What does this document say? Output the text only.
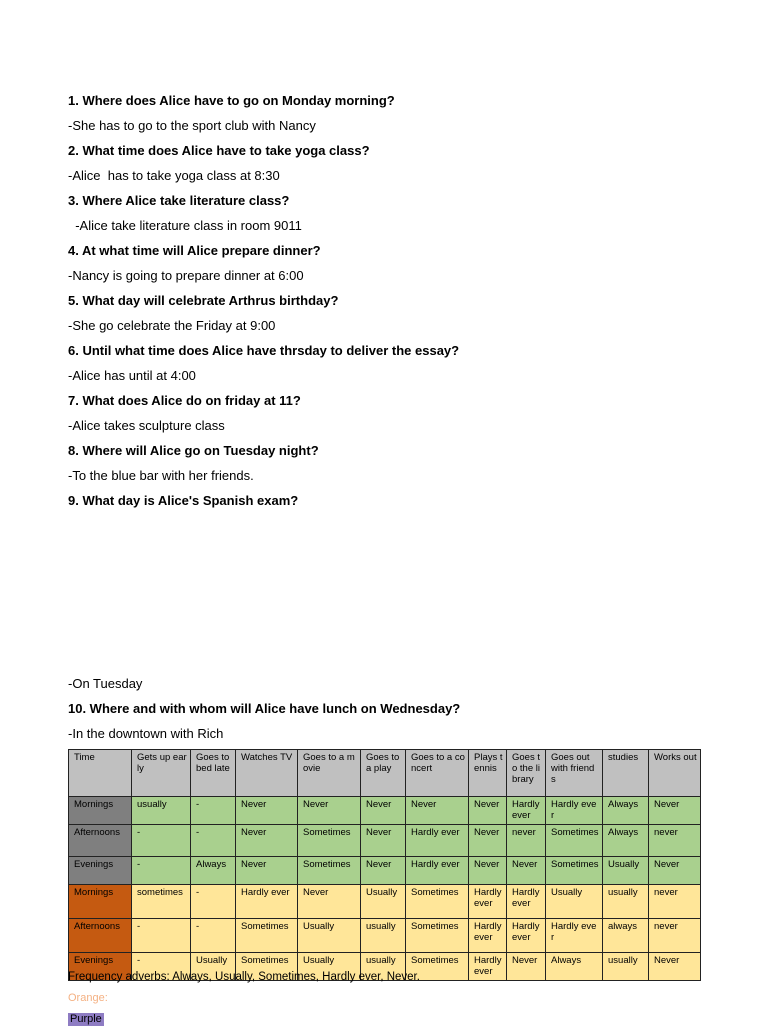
1. Where does Alice have to go on Monday morning?
-She has to go to the sport club with Nancy
2. What time does Alice have to take yoga class?
-Alice  has to take yoga class at 8:30
3. Where Alice take literature class?
-Alice take literature class in room 9011
4. At what time will Alice prepare dinner?
-Nancy is going to prepare dinner at 6:00
5. What day will celebrate Arthrus birthday?
-She go celebrate the Friday at 9:00
6. Until what time does Alice have thrsday to deliver the essay?
-Alice has until at 4:00
7. What does Alice do on friday at 11?
-Alice takes sculpture class
8. Where will Alice go on Tuesday night?
-To the blue bar with her friends.
9. What day is Alice's Spanish exam?
-On Tuesday
10. Where and with whom will Alice have lunch on Wednesday?
-In the downtown with Rich
Time	Gets up early	Goes to bed late	Watches TV	Goes to a movie	Goes to a play	Goes to a concert	Plays tennis	Goes to the library	Goes out with friends	studies	Works out
Mornings	usually	-	Never	Never	Never	Never	Never	Hardly ever	Hardly ever	Always	Never
Afternoons	-	-	Never	Sometimes	Never	Hardly ever	Never	never	Sometimes	Always	never
Evenings	-	Always	Never	Sometimes	Never	Hardly ever	Never	Never	Sometimes	Usually	Never
Mornings	sometimes	-	Hardly ever	Never	Usually	Sometimes	Hardly ever	Hardly ever	Usually	usually	never
Afternoons	-	-	Sometimes	Usually	usually	Sometimes	Hardly ever	Hardly ever	Hardly ever	always	never
Evenings	-	Usually	Sometimes	Usually	usually	Sometimes	Hardly ever	Never	Always	usually	Never
Frequency adverbs: Always, Usually, Sometimes, Hardly ever, Never.
Orange:
Purple
